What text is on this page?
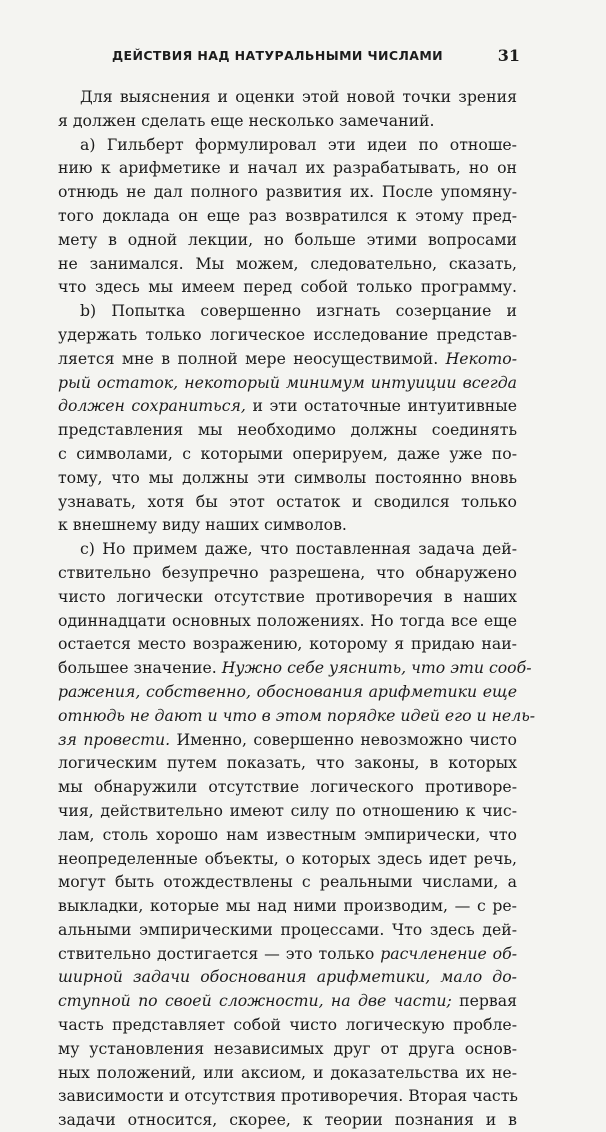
ДЕЙСТВИЯ НАД НАТУРАЛЬНЫМИ ЧИСЛАМИ	31
Для выяснения и оценки этой новой точки зрения
я должен сделать еще несколько замечаний.
a) Гильберт формулировал эти идеи по отноше-
нию к арифметике и начал их разрабатывать, но он
отнюдь не дал полного развития их. После упомяну-
того доклада он еще раз возвратился к этому пред-
мету в одной лекции, но больше этими вопросами
не занимался. Мы можем, следовательно, сказать,
что здесь мы имеем перед собой только программу.
b) Попытка совершенно изгнать созерцание и
удержать только логическое исследование представ-
ляется мне в полной мере неосуществимой. Некото-
рый остаток, некоторый минимум интуиции всегда
должен сохраниться, и эти остаточные интуитивные
представления мы необходимо должны соединять
с символами, с которыми оперируем, даже уже по-
тому, что мы должны эти символы постоянно вновь
узнавать, хотя бы этот остаток и сводился только
к внешнему виду наших символов.
c) Но примем даже, что поставленная задача дей-
ствительно безупречно разрешена, что обнаружено
чисто логически отсутствие противоречия в наших
одиннадцати основных положениях. Но тогда все еще
остается место возражению, которому я придаю наи-
большее значение. Нужно себе уяснить, что эти сооб-
ражения, собственно, обоснования арифметики еще
отнюдь не дают и что в этом порядке идей его и нель-
зя провести. Именно, совершенно невозможно чисто
логическим путем показать, что законы, в которых
мы обнаружили отсутствие логического противоре-
чия, действительно имеют силу по отношению к чис-
лам, столь хорошо нам известным эмпирически, что
неопределенные объекты, о которых здесь идет речь,
могут быть отождествлены с реальными числами, а
выкладки, которые мы над ними производим, — с ре-
альными эмпирическими процессами. Что здесь дей-
ствительно достигается — это только расчленение об-
ширной задачи обоснования арифметики, мало до-
ступной по своей сложности, на две части; первая
часть представляет собой чисто логическую пробле-
му установления независимых друг от друга основ-
ных положений, или аксиом, и доказательства их не-
зависимости и отсутствия противоречия. Вторая часть
задачи относится, скорее, к теории познания и в
